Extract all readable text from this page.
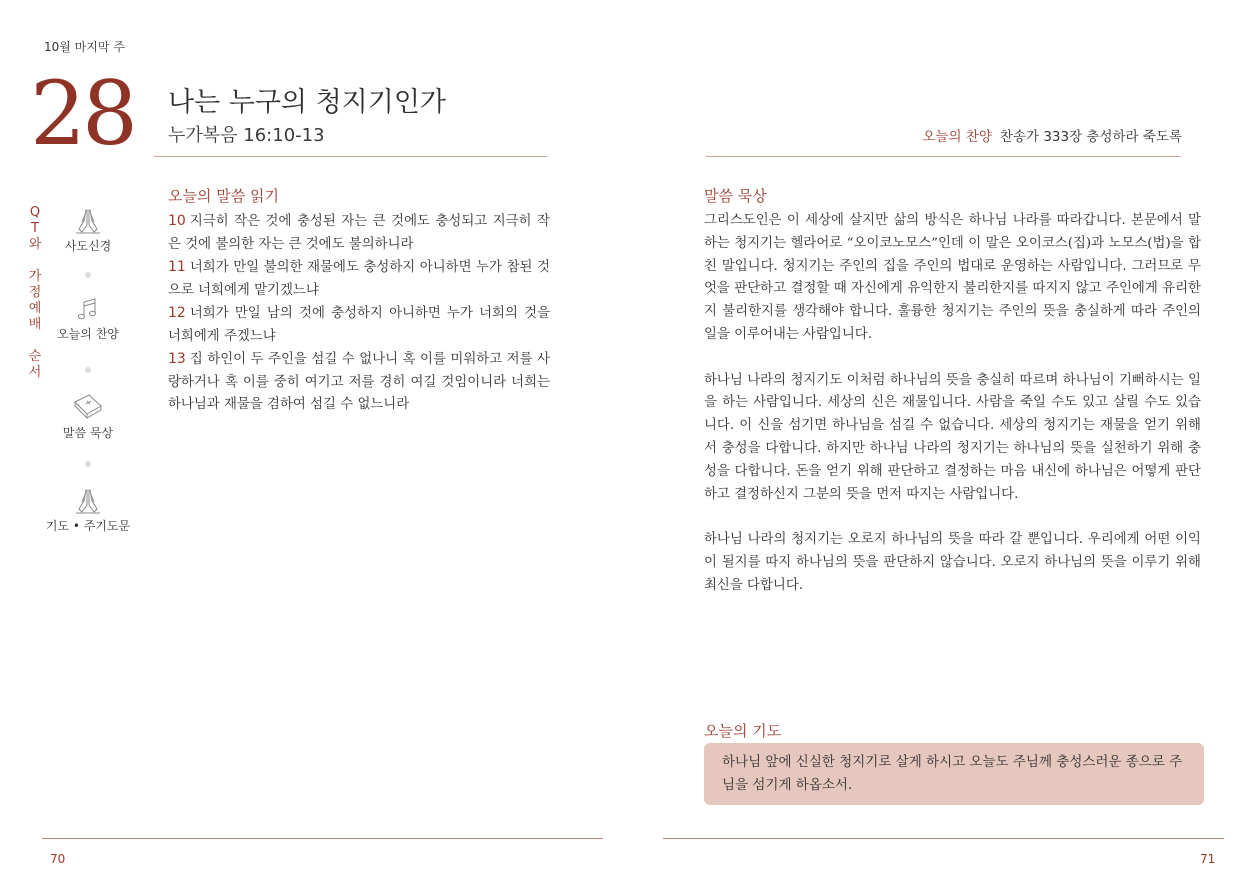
10월 마지막 주
28 나는 누구의 청지기인가
누가복음 16:10-13	오늘의 찬양 찬송가 333장 충성하라 죽도록
Q
T
와
가
정
예
배
순
서
사도신경
오늘의 찬양
말씀 묵상
기도 • 주기도문
오늘의 말씀 읽기
10 지극히 작은 것에 충성된 자는 큰 것에도 충성되고 지극히 작은 것에 불의한 자는 큰 것에도 불의하니라
11 너희가 만일 불의한 재물에도 충성하지 아니하면 누가 참된 것으로 너희에게 맡기겠느냐
12 너희가 만일 남의 것에 충성하지 아니하면 누가 너희의 것을 너희에게 주겠느냐
13 집 하인이 두 주인을 섬길 수 없나니 혹 이를 미워하고 저를 사랑하거나 혹 이를 중히 여기고 저를 경히 여길 것임이니라 너희는 하나님과 재물을 겸하여 섬길 수 없느니라
말씀 묵상

그리스도인은 이 세상에 살지만 삶의 방식은 하나님 나라를 따라갑니다. 본문에서 말하는 청지기는 헬라어로 “오이코노모스”인데 이 말은 오이코스(집)과 노모스(법)을 합친 말입니다. 청지기는 주인의 집을 주인의 법대로 운영하는 사람입니다. 그러므로 무엇을 판단하고 결정할 때 자신에게 유익한지 불리한지를 따지지 않고 주인에게 유리한지 불리한지를 생각해야 합니다. 훌륭한 청지기는 주인의 뜻을 충실하게 따라 주인의 일을 이루어내는 사람입니다.

하나님 나라의 청지기도 이처럼 하나님의 뜻을 충실히 따르며 하나님이 기뻐하시는 일을 하는 사람입니다. 세상의 신은 재물입니다. 사람을 죽일 수도 있고 살릴 수도 있습니다. 이 신을 섬기면 하나님을 섬길 수 없습니다. 세상의 청지기는 재물을 얻기 위해서 충성을 다합니다. 하지만 하나님 나라의 청지기는 하나님의 뜻을 실천하기 위해 충성을 다합니다. 돈을 얻기 위해 판단하고 결정하는 마음 내신에 하나님은 어떻게 판단하고 결정하신지 그분의 뜻을 먼저 따지는 사람입니다.

하나님 나라의 청지기는 오로지 하나님의 뜻을 따라 갈 뿐입니다. 우리에게 어떤 이익이 될지를 따지 하나님의 뜻을 판단하지 않습니다. 오로지 하나님의 뜻을 이루기 위해 최신을 다합니다.

오늘의 기도
하나님 앞에 신실한 청지기로 살게 하시고 오늘도 주님께 충성스러운 종으로 주님을 섬기게 하옵소서.
70	71
